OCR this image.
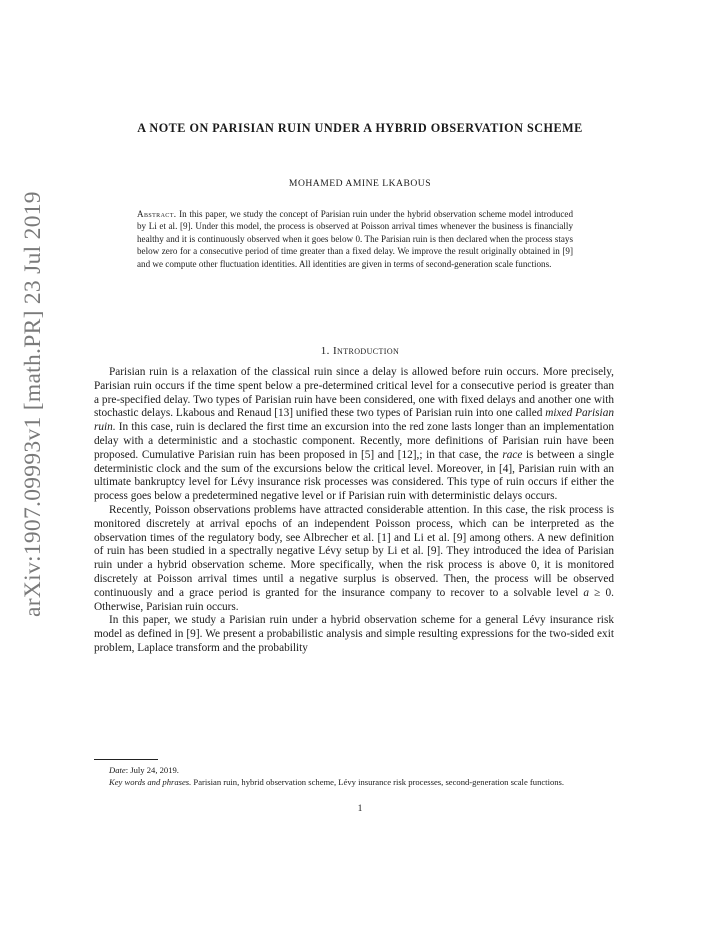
arXiv:1907.09993v1 [math.PR] 23 Jul 2019
A NOTE ON PARISIAN RUIN UNDER A HYBRID OBSERVATION SCHEME
MOHAMED AMINE LKABOUS
Abstract. In this paper, we study the concept of Parisian ruin under the hybrid observation scheme model introduced by Li et al. [9]. Under this model, the process is observed at Poisson arrival times whenever the business is financially healthy and it is continuously observed when it goes below 0. The Parisian ruin is then declared when the process stays below zero for a consecutive period of time greater than a fixed delay. We improve the result originally obtained in [9] and we compute other fluctuation identities. All identities are given in terms of second-generation scale functions.
1. Introduction

Parisian ruin is a relaxation of the classical ruin since a delay is allowed before ruin occurs. More precisely, Parisian ruin occurs if the time spent below a pre-determined critical level for a consecutive period is greater than a pre-specified delay. Two types of Parisian ruin have been considered, one with fixed delays and another one with stochastic delays. Lkabous and Renaud [13] unified these two types of Parisian ruin into one called mixed Parisian ruin. In this case, ruin is declared the first time an excursion into the red zone lasts longer than an implementation delay with a deterministic and a stochastic component. Recently, more definitions of Parisian ruin have been proposed. Cumulative Parisian ruin has been proposed in [5] and [12],; in that case, the race is between a single deterministic clock and the sum of the excursions below the critical level. Moreover, in [4], Parisian ruin with an ultimate bankruptcy level for Lévy insurance risk processes was considered. This type of ruin occurs if either the process goes below a predetermined negative level or if Parisian ruin with deterministic delays occurs.

Recently, Poisson observations problems have attracted considerable attention. In this case, the risk process is monitored discretely at arrival epochs of an independent Poisson process, which can be interpreted as the observation times of the regulatory body, see Albrecher et al. [1] and Li et al. [9] among others. A new definition of ruin has been studied in a spectrally negative Lévy setup by Li et al. [9]. They introduced the idea of Parisian ruin under a hybrid observation scheme. More specifically, when the risk process is above 0, it is monitored discretely at Poisson arrival times until a negative surplus is observed. Then, the process will be observed continuously and a grace period is granted for the insurance company to recover to a solvable level a ≥ 0. Otherwise, Parisian ruin occurs.

In this paper, we study a Parisian ruin under a hybrid observation scheme for a general Lévy insurance risk model as defined in [9]. We present a probabilistic analysis and simple resulting expressions for the two-sided exit problem, Laplace transform and the probability

Date: July 24, 2019.

Key words and phrases. Parisian ruin, hybrid observation scheme, Lévy insurance risk processes, second-generation scale functions.

1
